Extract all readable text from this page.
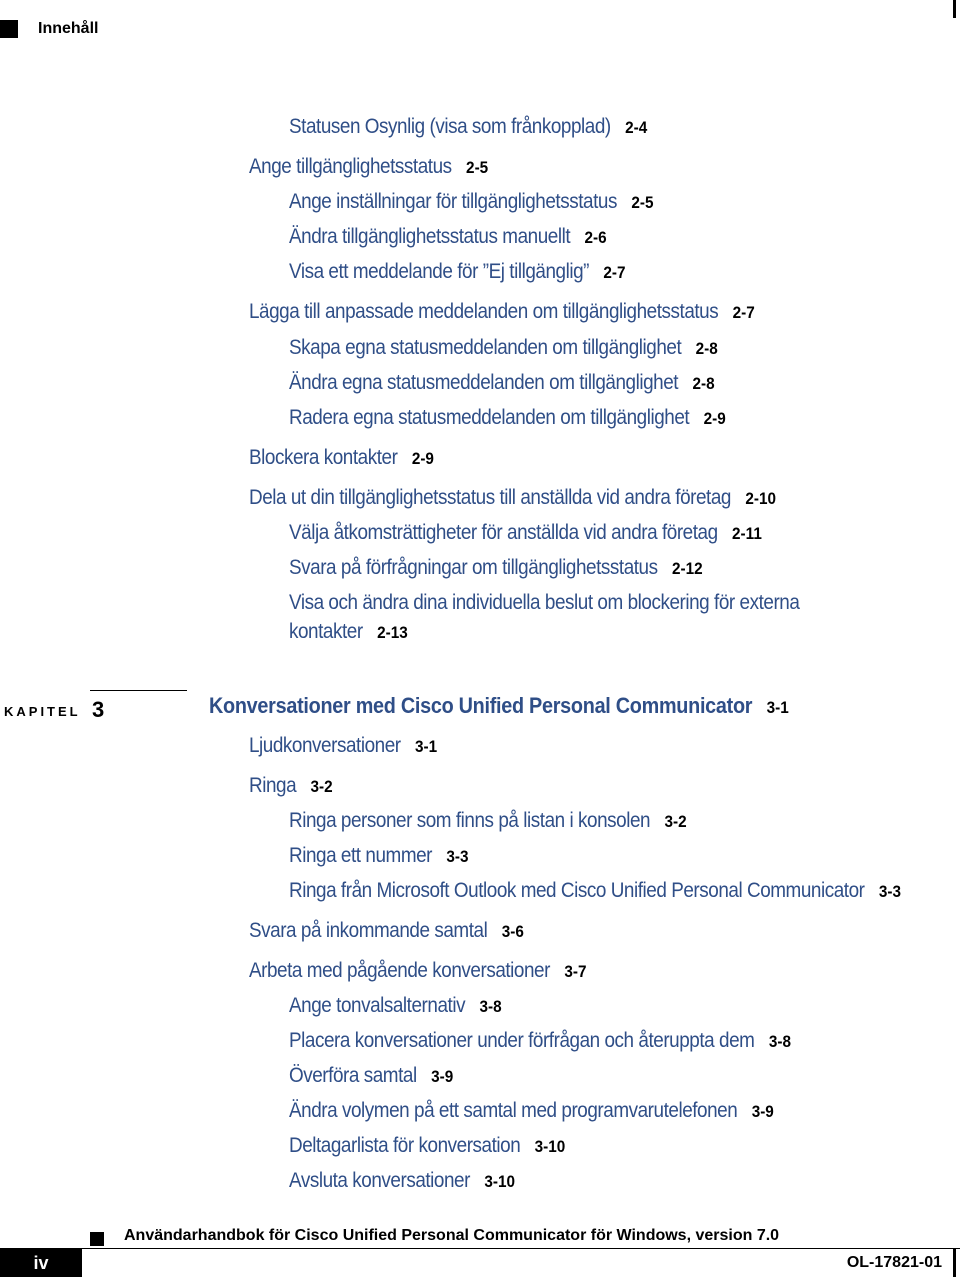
Innehåll
Statusen Osynlig (visa som frånkopplad) 2-4
Ange tillgänglighetsstatus 2-5
Ange inställningar för tillgänglighetsstatus 2-5
Ändra tillgänglighetsstatus manuellt 2-6
Visa ett meddelande för ”Ej tillgänglig” 2-7
Lägga till anpassade meddelanden om tillgänglighetsstatus 2-7
Skapa egna statusmeddelanden om tillgänglighet 2-8
Ändra egna statusmeddelanden om tillgänglighet 2-8
Radera egna statusmeddelanden om tillgänglighet 2-9
Blockera kontakter 2-9
Dela ut din tillgänglighetsstatus till anställda vid andra företag 2-10
Välja åtkomsträttigheter för anställda vid andra företag 2-11
Svara på förfrågningar om tillgänglighetsstatus 2-12
Visa och ändra dina individuella beslut om blockering för externa
kontakter 2-13
KAPITEL 3	Konversationer med Cisco Unified Personal Communicator 3-1
Ljudkonversationer 3-1
Ringa 3-2
Ringa personer som finns på listan i konsolen 3-2
Ringa ett nummer 3-3
Ringa från Microsoft Outlook med Cisco Unified Personal Communicator 3-3
Svara på inkommande samtal 3-6
Arbeta med pågående konversationer 3-7
Ange tonvalsalternativ 3-8
Placera konversationer under förfrågan och återuppta dem 3-8
Överföra samtal 3-9
Ändra volymen på ett samtal med programvarutelefonen 3-9
Deltagarlista för konversation 3-10
Avsluta konversationer 3-10
Användarhandbok för Cisco Unified Personal Communicator för Windows, version 7.0
iv	OL-17821-01
